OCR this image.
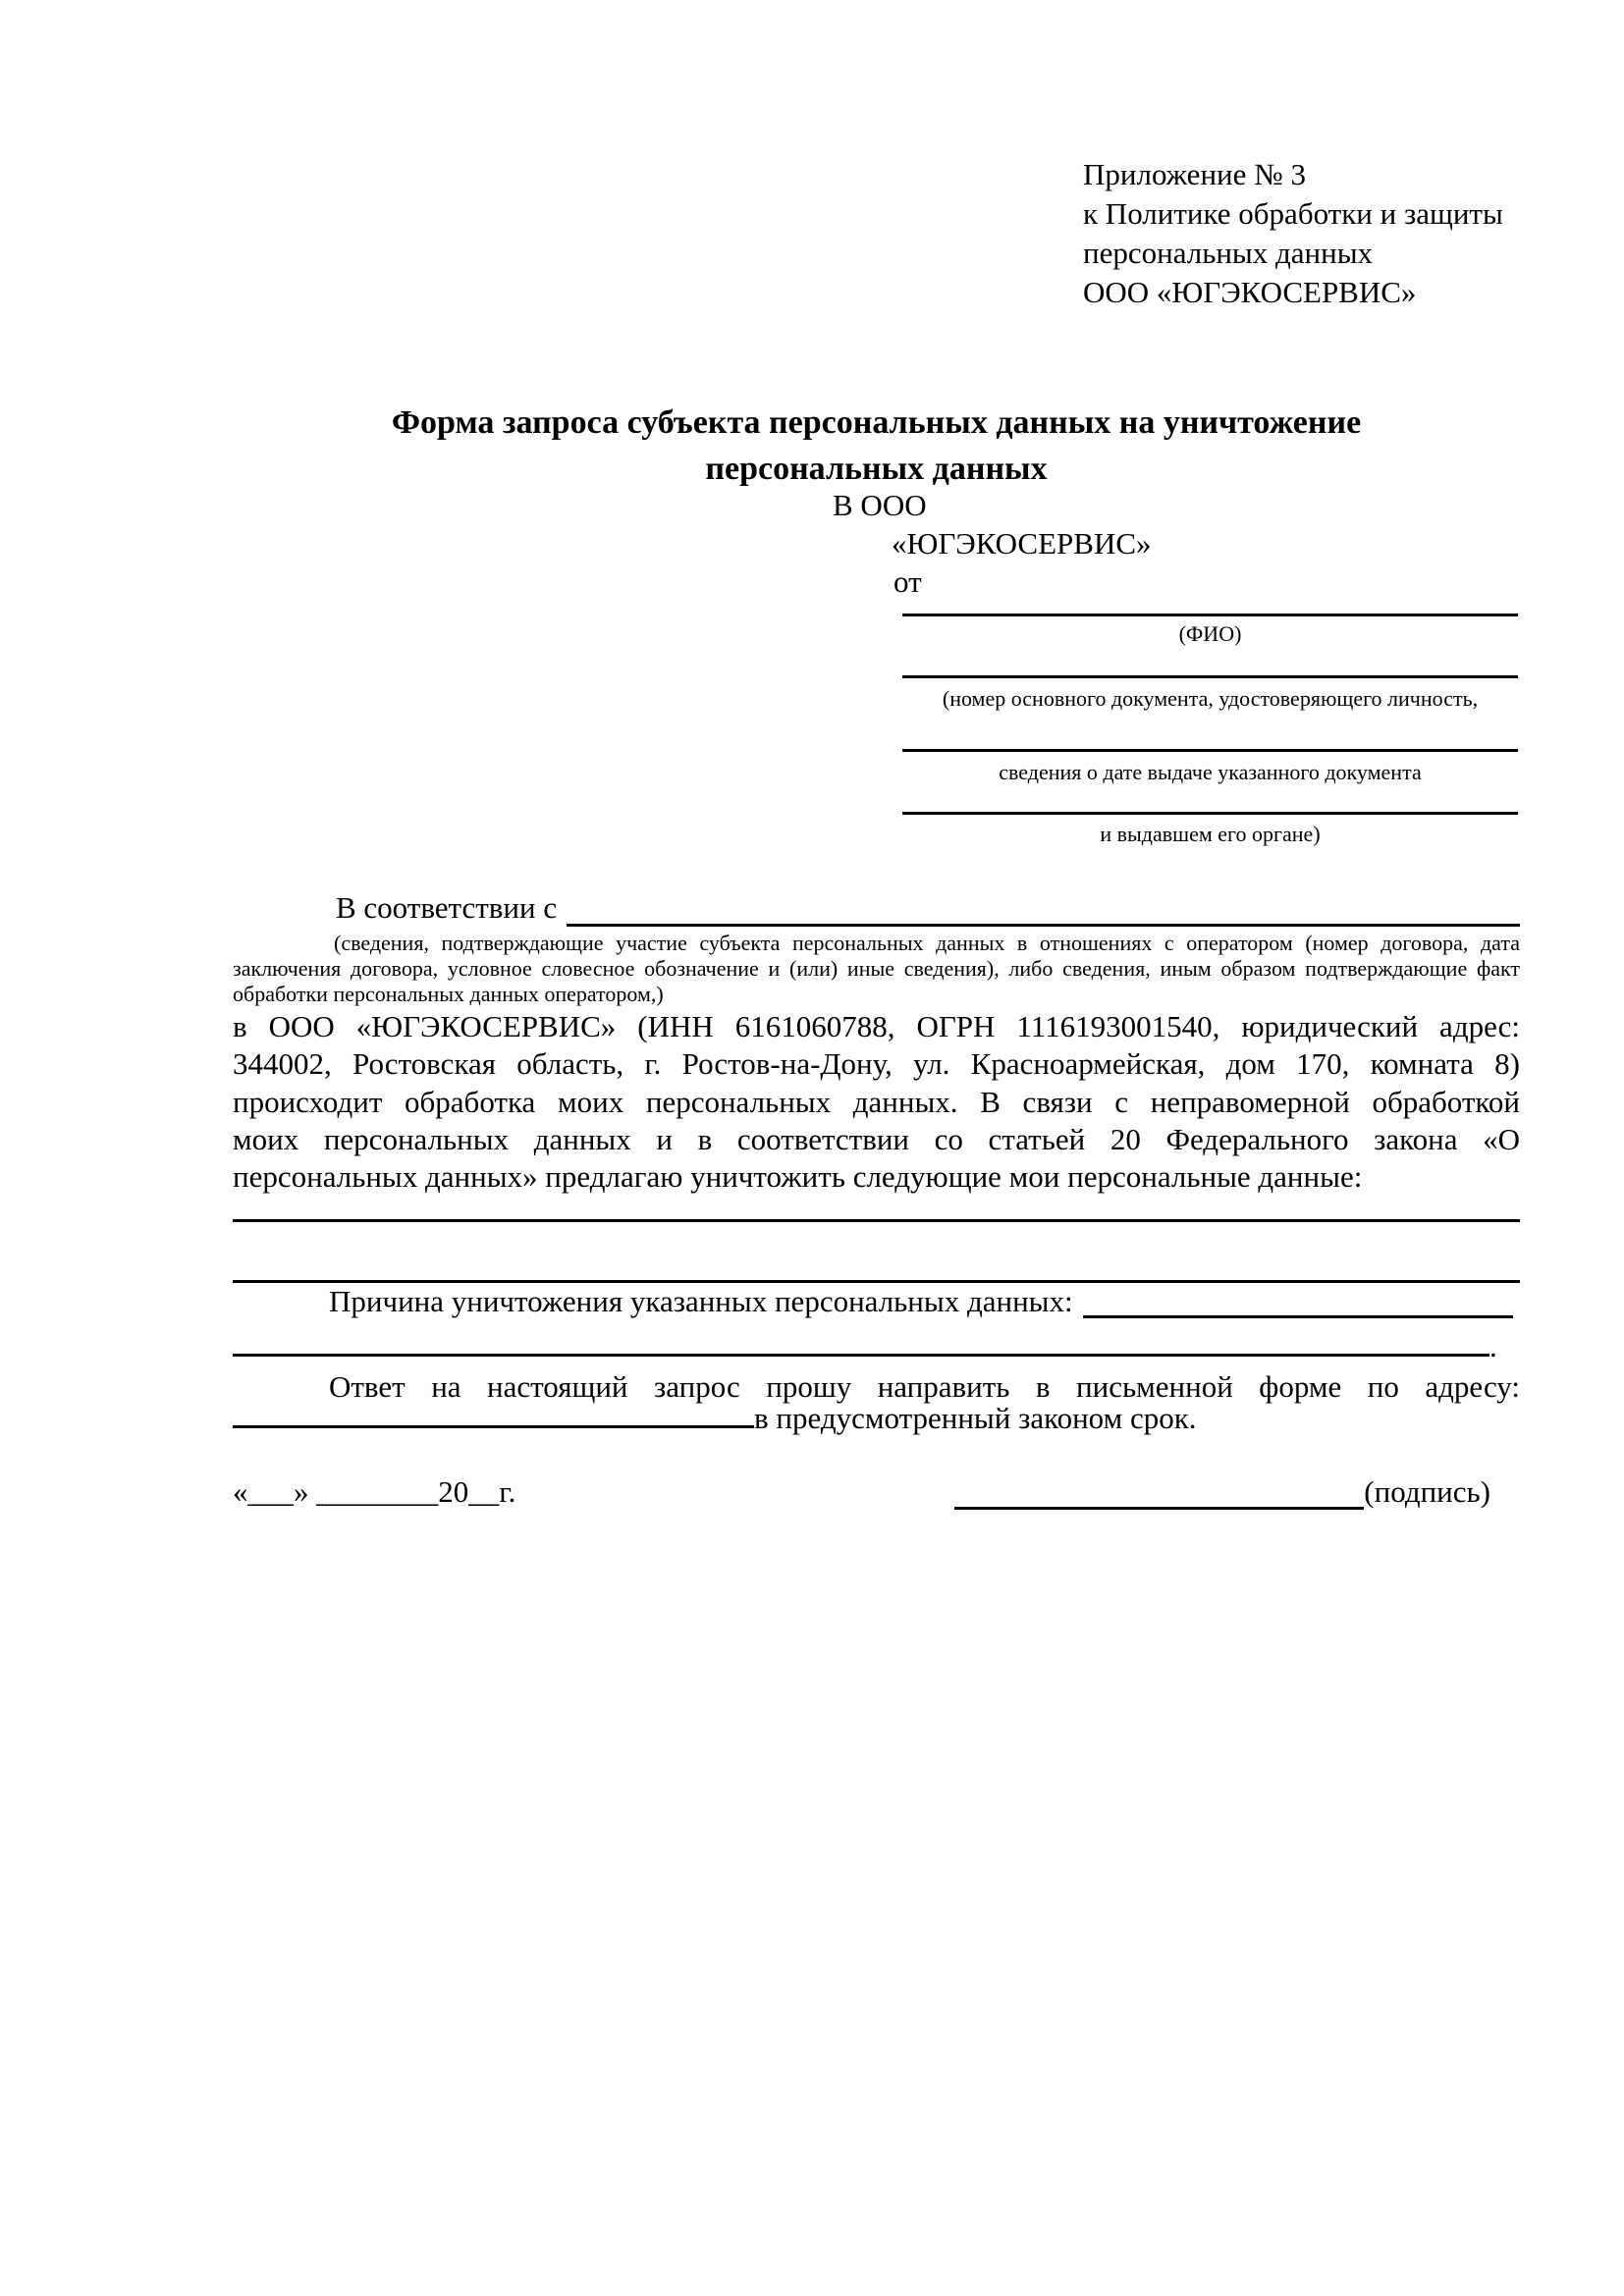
Приложение № 3
к Политике обработки и защиты
персональных данных
ООО «ЮГЭКОСЕРВИС»
Форма запроса субъекта персональных данных на уничтожение
персональных данных
В ООО
«ЮГЭКОСЕРВИС»
от
(ФИО)
(номер основного документа, удостоверяющего личность,
сведения о дате выдаче указанного документа
и выдавшем его органе)
В соответствии с
(сведения, подтверждающие участие субъекта персональных данных в отношениях с оператором (номер договора, дата
заключения договора, условное словесное обозначение и (или) иные сведения), либо сведения, иным образом подтверждающие факт
обработки персональных данных оператором,)
в ООО «ЮГЭКОСЕРВИС» (ИНН 6161060788, ОГРН 1116193001540, юридический адрес:
344002, Ростовская область, г. Ростов-на-Дону, ул. Красноармейская, дом 170, комната 8)
происходит обработка моих персональных данных. В связи с неправомерной обработкой
моих персональных данных и в соответствии со статьей 20 Федерального закона «О
персональных данных» предлагаю уничтожить следующие мои персональные данные:
Причина уничтожения указанных персональных данных:
.
Ответ на настоящий запрос прошу направить в письменной форме по адресу:
в предусмотренный законом срок.
«___» ________20__г.	(подпись)
